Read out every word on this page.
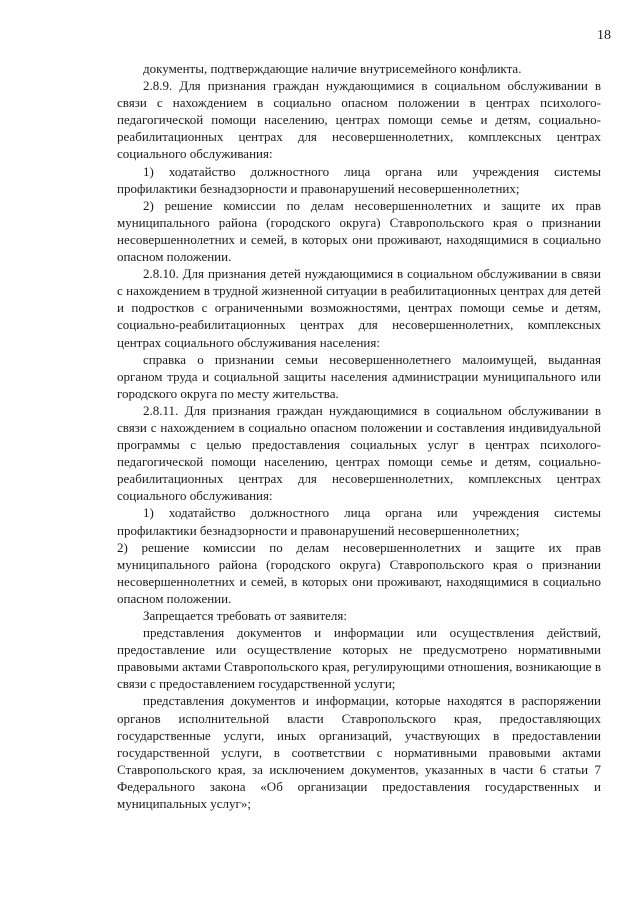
18

документы, подтверждающие наличие внутрисемейного конфликта.

2.8.9. Для признания граждан нуждающимися в социальном обслуживании в связи с нахождением в социально опасном положении в центрах психолого-педагогической помощи населению, центрах помощи семье и детям, социально-реабилитационных центрах для несовершеннолетних, комплексных центрах социального обслуживания:

1) ходатайство должностного лица органа или учреждения системы профилактики безнадзорности и правонарушений несовершеннолетних;

2) решение комиссии по делам несовершеннолетних и защите их прав муниципального района (городского округа) Ставропольского края о признании несовершеннолетних и семей, в которых они проживают, находящимися в социально опасном положении.

2.8.10. Для признания детей нуждающимися в социальном обслуживании в связи с нахождением в трудной жизненной ситуации в реабилитационных центрах для детей и подростков с ограниченными возможностями, центрах помощи семье и детям, социально-реабилитационных центрах для несовершеннолетних, комплексных центрах социального обслуживания населения:

справка о признании семьи несовершеннолетнего малоимущей, выданная органом труда и социальной защиты населения администрации муниципального или городского округа по месту жительства.

2.8.11. Для признания граждан нуждающимися в социальном обслуживании в связи с нахождением в социально опасном положении и составления индивидуальной программы с целью предоставления социальных услуг в центрах психолого-педагогической помощи населению, центрах помощи семье и детям, социально-реабилитационных центрах для несовершеннолетних, комплексных центрах социального обслуживания:

1) ходатайство должностного лица органа или учреждения системы профилактики безнадзорности и правонарушений несовершеннолетних;

2) решение комиссии по делам несовершеннолетних и защите их прав муниципального района (городского округа) Ставропольского края о признании несовершеннолетних и семей, в которых они проживают, находящимися в социально опасном положении.

Запрещается требовать от заявителя:

представления документов и информации или осуществления действий, предоставление или осуществление которых не предусмотрено нормативными правовыми актами Ставропольского края, регулирующими отношения, возникающие в связи с предоставлением государственной услуги;

представления документов и информации, которые находятся в распоряжении органов исполнительной власти Ставропольского края, предоставляющих государственные услуги, иных организаций, участвующих в предоставлении государственной услуги, в соответствии с нормативными правовыми актами Ставропольского края, за исключением документов, указанных в части 6 статьи 7 Федерального закона «Об организации предоставления государственных и муниципальных услуг»;
